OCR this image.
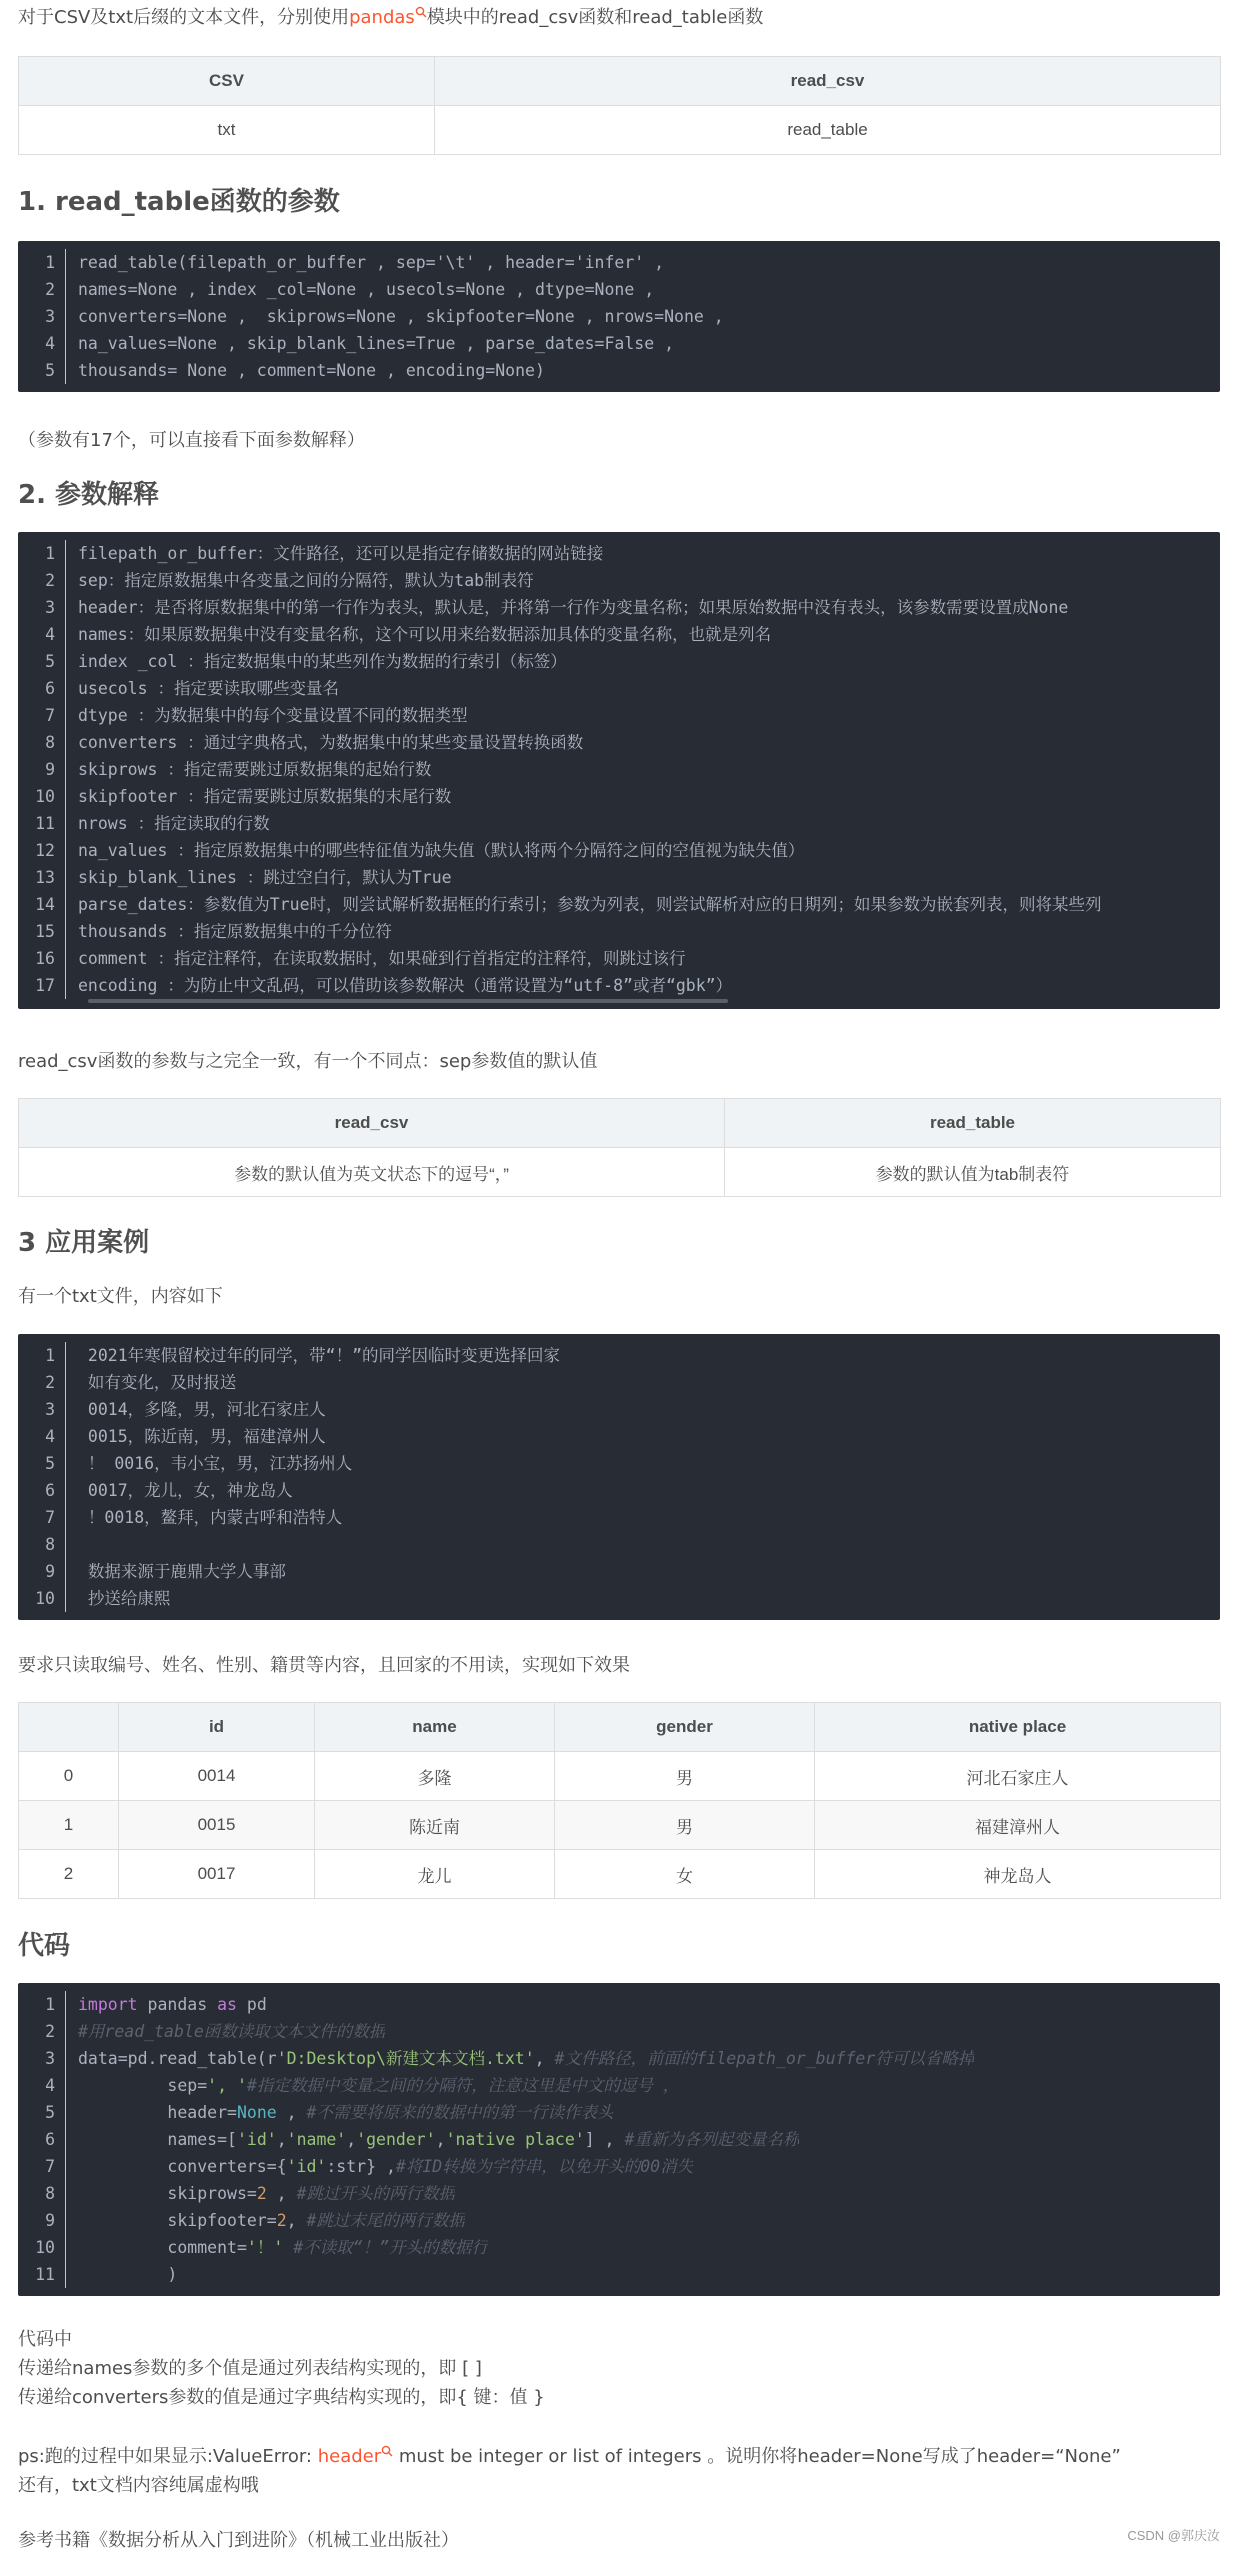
对于CSV及txt后缀的文本文件，分别使用pandas 模块中的read_csv函数和read_table函数

CSV	read_csv
txt	read_table
1. read_table函数的参数
1	read_table(filepath_or_buffer , sep='\t' , header='infer' ,
2	names=None , index _col=None , usecols=None , dtype=None ,
3	converters=None ,  skiprows=None , skipfooter=None , nrows=None ,
4	na_values=None , skip_blank_lines=True , parse_dates=False ,
5	thousands= None , comment=None , encoding=None)

（参数有17个，可以直接看下面参数解释）

2. 参数解释
1	filepath_or_buffer：文件路径，还可以是指定存储数据的网站链接
2	sep：指定原数据集中各变量之间的分隔符，默认为tab制表符
3	header：是否将原数据集中的第一行作为表头，默认是，并将第一行作为变量名称；如果原始数据中没有表头，该参数需要设置成None
4	names：如果原数据集中没有变量名称，这个可以用来给数据添加具体的变量名称，也就是列名
5	index _col ：指定数据集中的某些列作为数据的行索引（标签）
6	usecols ：指定要读取哪些变量名
7	dtype ：为数据集中的每个变量设置不同的数据类型
8	converters ：通过字典格式，为数据集中的某些变量设置转换函数
9	skiprows ：指定需要跳过原数据集的起始行数
10	skipfooter ：指定需要跳过原数据集的末尾行数
11	nrows ：指定读取的行数
12	na_values ：指定原数据集中的哪些特征值为缺失值（默认将两个分隔符之间的空值视为缺失值）
13	skip_blank_lines ：跳过空白行，默认为True
14	parse_dates：参数值为True时，则尝试解析数据框的行索引；参数为列表，则尝试解析对应的日期列；如果参数为嵌套列表，则将某些列
15	thousands ：指定原数据集中的千分位符
16	comment ：指定注释符，在读取数据时，如果碰到行首指定的注释符，则跳过该行
17	encoding ：为防止中文乱码，可以借助该参数解决（通常设置为“utf-8”或者“gbk”）

read_csv函数的参数与之完全一致，有一个不同点：sep参数值的默认值

read_csv	read_table
参数的默认值为英文状态下的逗号“，”	参数的默认值为tab制表符
3 应用案例

有一个txt文件，内容如下

1	2021年寒假留校过年的同学，带“！”的同学因临时变更选择回家
2	如有变化，及时报送
3	0014，多隆，男，河北石家庄人
4	0015，陈近南，男，福建漳州人
5	！ 0016，韦小宝，男，江苏扬州人
6	0017，龙儿，女，神龙岛人
7	！0018，鳌拜，内蒙古呼和浩特人
8
9	数据来源于鹿鼎大学人事部
10	抄送给康熙

要求只读取编号、姓名、性别、籍贯等内容，且回家的不用读，实现如下效果

	id	name	gender	native place
0	0014	多隆	男	河北石家庄人
1	0015	陈近南	男	福建漳州人
2	0017	龙儿	女	神龙岛人
代码
1	import pandas as pd
2	#用read_table函数读取文本文件的数据
3	data=pd.read_table(r'D:Desktop\新建文本文档.txt', #文件路径，前面的filepath_or_buffer符可以省略掉
4	sep=', '#指定数据中变量之间的分隔符，注意这里是中文的逗号 ，
5	header=None , #不需要将原来的数据中的第一行读作表头
6	names=['id','name','gender','native place'] , #重新为各列起变量名称
7	converters={'id':str} ,#将ID转换为字符串，以免开头的00消失
8	skiprows=2 , #跳过开头的两行数据
9	skipfooter=2, #跳过末尾的两行数据
10	comment='！' #不读取“！”开头的数据行
11	)

代码中

传递给names参数的多个值是通过列表结构实现的，即 [ ]

传递给converters参数的值是通过字典结构实现的，即{ 键：值 }

ps:跑的过程中如果显示:ValueError: header must be integer or list of integers 。说明你将header=None写成了header=“None”

还有，txt文档内容纯属虚构哦

参考书籍《数据分析从入门到进阶》（机械工业出版社）	CSDN @郭庆汝
